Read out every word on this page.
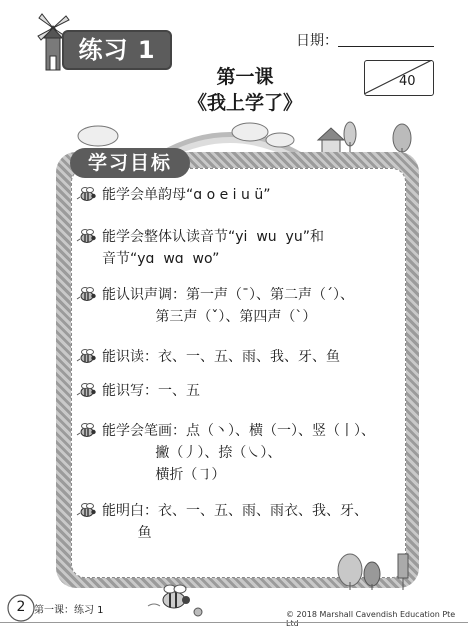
练习 1	日期：
40
第一课
《我上学了》
学习目标
能学会单韵母“ɑ o e i u ü”
能学会整体认读音节“yi  wu  yu”和
音节“yɑ  wɑ  wo”
能认识声调：第一声（ˉ）、第二声（ˊ）、
第三声（ˇ）、第四声（ˋ）
能识读：衣、一、五、雨、我、牙、鱼
能识写：一、五
能学会笔画：点（丶）、横（一）、竖（丨）、
撇（丿）、捺（㇏）、
横折（㇆）
能明白：衣、一、五、雨、雨衣、我、牙、
鱼
2 第一课：练习 1	© 2018 Marshall Cavendish Education Pte Ltd
